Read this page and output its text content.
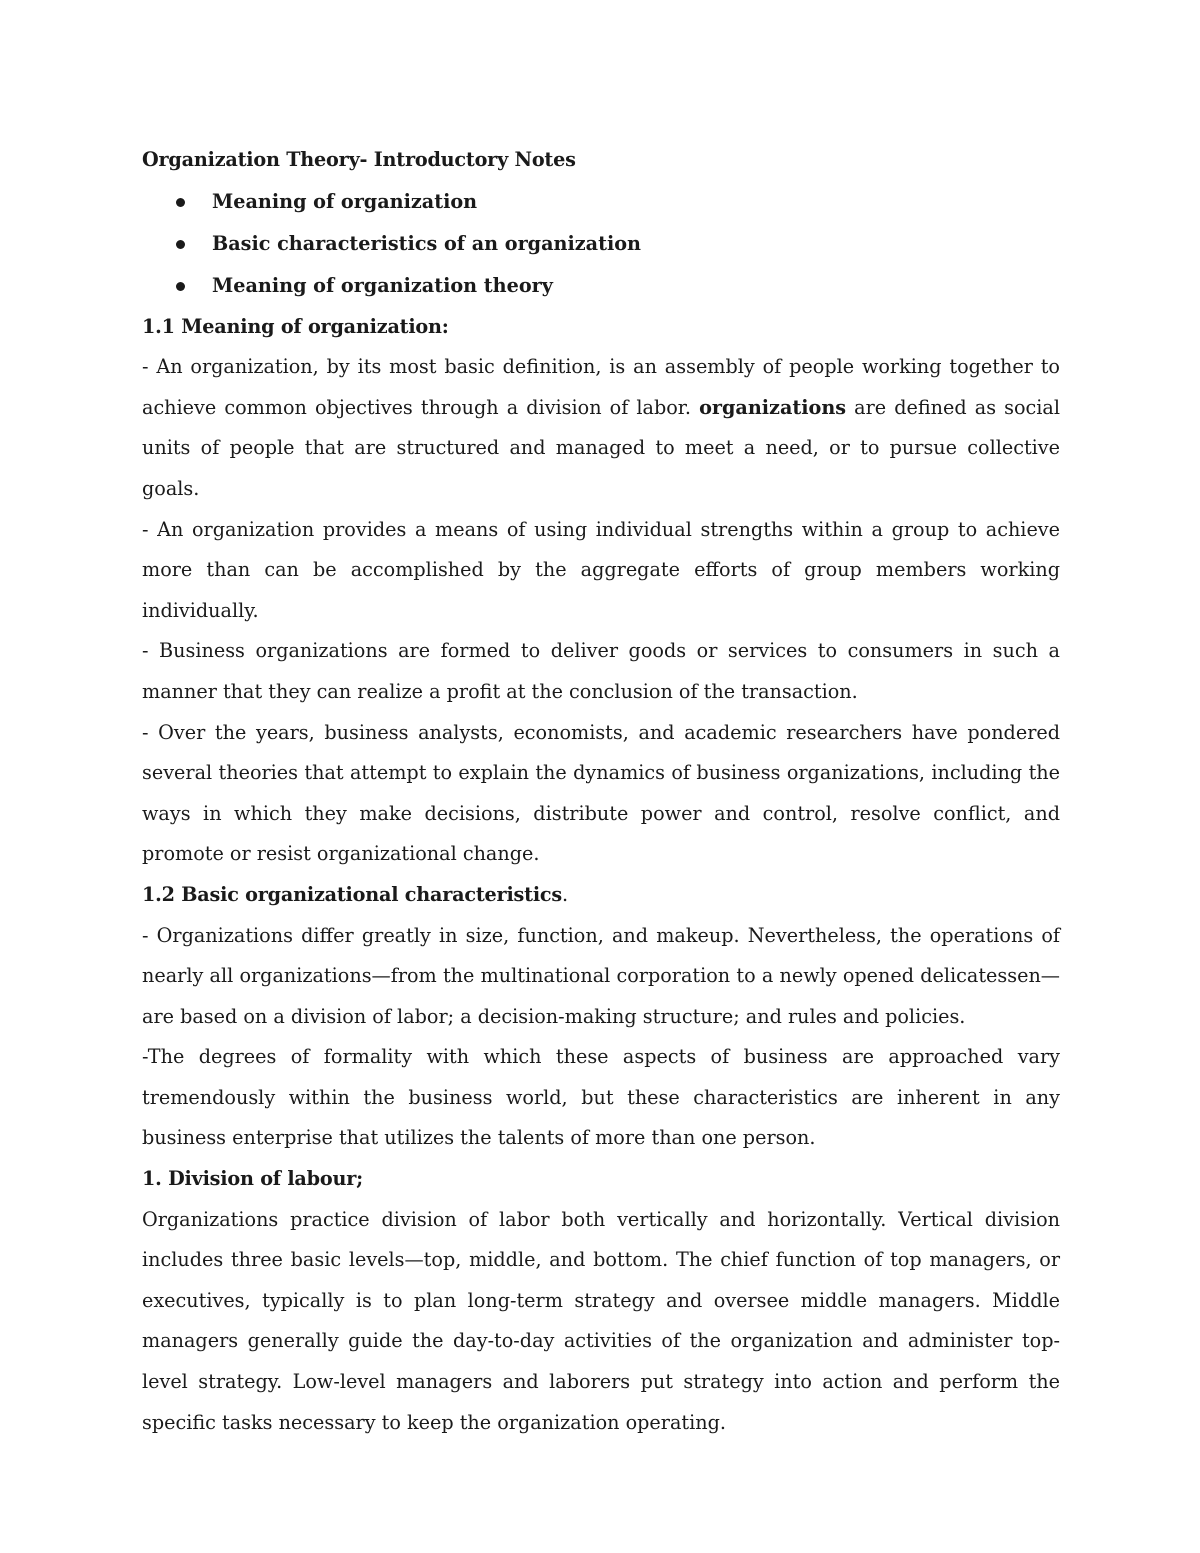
Organization Theory- Introductory Notes

Meaning of organization
Basic characteristics of an organization
Meaning of organization theory

1.1 Meaning of organization:

- An organization, by its most basic definition, is an assembly of people working together to achieve common objectives through a division of labor. organizations are defined as social units of people that are structured and managed to meet a need, or to pursue collective goals.

- An organization provides a means of using individual strengths within a group to achieve more than can be accomplished by the aggregate efforts of group members working individually.

- Business organizations are formed to deliver goods or services to consumers in such a manner that they can realize a profit at the conclusion of the transaction.

- Over the years, business analysts, economists, and academic researchers have pondered several theories that attempt to explain the dynamics of business organizations, including the ways in which they make decisions, distribute power and control, resolve conflict, and promote or resist organizational change.

1.2 Basic organizational characteristics.

- Organizations differ greatly in size, function, and makeup. Nevertheless, the operations of nearly all organizations—from the multinational corporation to a newly opened delicatessen—are based on a division of labor; a decision-making structure; and rules and policies.

-The degrees of formality with which these aspects of business are approached vary tremendously within the business world, but these characteristics are inherent in any business enterprise that utilizes the talents of more than one person.

1. Division of labour;

Organizations practice division of labor both vertically and horizontally. Vertical division includes three basic levels—top, middle, and bottom. The chief function of top managers, or executives, typically is to plan long-term strategy and oversee middle managers. Middle managers generally guide the day-to-day activities of the organization and administer top-level strategy. Low-level managers and laborers put strategy into action and perform the specific tasks necessary to keep the organization operating.
